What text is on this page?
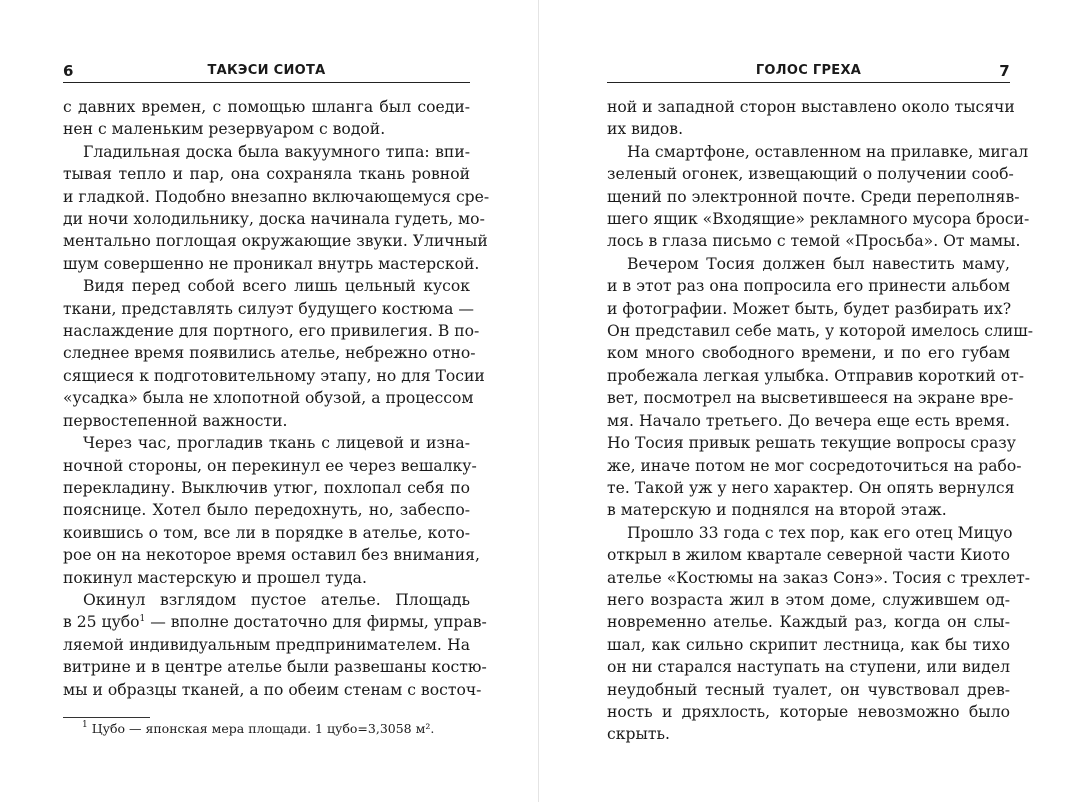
6	ТАКЭСИ СИОТА
с давних времен, с помощью шланга был соеди-
нен с маленьким резервуаром с водой.
Гладильная доска была вакуумного типа: впи-
тывая тепло и пар, она сохраняла ткань ровной
и гладкой. Подобно внезапно включающемуся сре-
ди ночи холодильнику, доска начинала гудеть, мо-
ментально поглощая окружающие звуки. Уличный
шум совершенно не проникал внутрь мастерской.
Видя перед собой всего лишь цельный кусок
ткани, представлять силуэт будущего костюма —
наслаждение для портного, его привилегия. В по-
следнее время появились ателье, небрежно отно-
сящиеся к подготовительному этапу, но для Тосии
«усадка» была не хлопотной обузой, а процессом
первостепенной важности.
Через час, прогладив ткань с лицевой и изна-
ночной стороны, он перекинул ее через вешалку-
перекладину. Выключив утюг, похлопал себя по
пояснице. Хотел было передохнуть, но, забеспо-
коившись о том, все ли в порядке в ателье, кото-
рое он на некоторое время оставил без внимания,
покинул мастерскую и прошел туда.
Окинул взглядом пустое ателье. Площадь
в 25 цубо$^1$ — вполне достаточно для фирмы, управ-
ляемой индивидуальным предпринимателем. На
витрине и в центре ателье были развешаны костю-
мы и образцы тканей, а по обеим стенам с восточ-
$^1$ Цубо — японская мера площади. 1 цубо=3,3058 м².
ГОЛОС ГРЕХА	7
ной и западной сторон выставлено около тысячи
их видов.
На смартфоне, оставленном на прилавке, мигал
зеленый огонек, извещающий о получении сооб-
щений по электронной почте. Среди переполняв-
шего ящик «Входящие» рекламного мусора броси-
лось в глаза письмо с темой «Просьба». От мамы.
Вечером Тосия должен был навестить маму,
и в этот раз она попросила его принести альбом
и фотографии. Может быть, будет разбирать их?
Он представил себе мать, у которой имелось слиш-
ком много свободного времени, и по его губам
пробежала легкая улыбка. Отправив короткий от-
вет, посмотрел на высветившееся на экране вре-
мя. Начало третьего. До вечера еще есть время.
Но Тосия привык решать текущие вопросы сразу
же, иначе потом не мог сосредоточиться на рабо-
те. Такой уж у него характер. Он опять вернулся
в матерскую и поднялся на второй этаж.
Прошло 33 года с тех пор, как его отец Мицуо
открыл в жилом квартале северной части Киото
ателье «Костюмы на заказ Сонэ». Тосия с трехлет-
него возраста жил в этом доме, служившем од-
новременно ателье. Каждый раз, когда он слы-
шал, как сильно скрипит лестница, как бы тихо
он ни старался наступать на ступени, или видел
неудобный тесный туалет, он чувствовал древ-
ность и дряхлость, которые невозможно было
скрыть.
